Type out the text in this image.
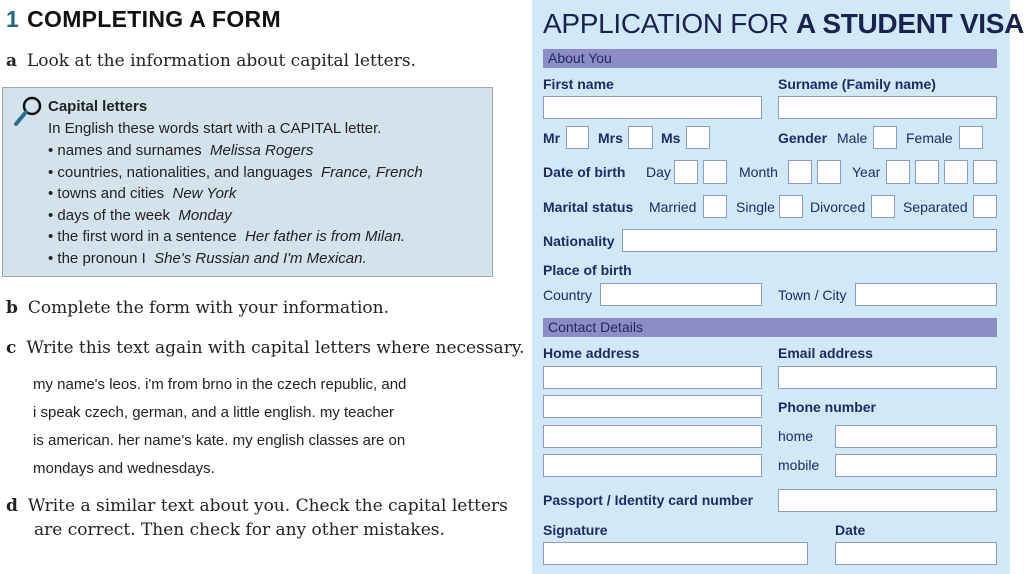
1 COMPLETING A FORM
a Look at the information about capital letters.
Capital letters
In English these words start with a CAPITAL letter.
• names and surnames Melissa Rogers
• countries, nationalities, and languages France, French
• towns and cities New York
• days of the week Monday
• the first word in a sentence Her father is from Milan.
• the pronoun I She's Russian and I'm Mexican.
b Complete the form with your information.
c Write this text again with capital letters where necessary.
my name's leos. i'm from brno in the czech republic, and
i speak czech, german, and a little english. my teacher
is american. her name's kate. my english classes are on
mondays and wednesdays.
d Write a similar text about you. Check the capital letters
are correct. Then check for any other mistakes.
APPLICATION FOR A STUDENT VISA
About You
Contact Details
First name	Surname (Family name)
Mr	Mrs	Ms	Gender Male	Female
Date of birth Day	Month	Year
Marital status Married	Single	Divorced	Separated
Nationality
Place of birth
Country	Town / City
Home address	Email address
Phone number
home
mobile
Passport / Identity card number
Signature	Date
